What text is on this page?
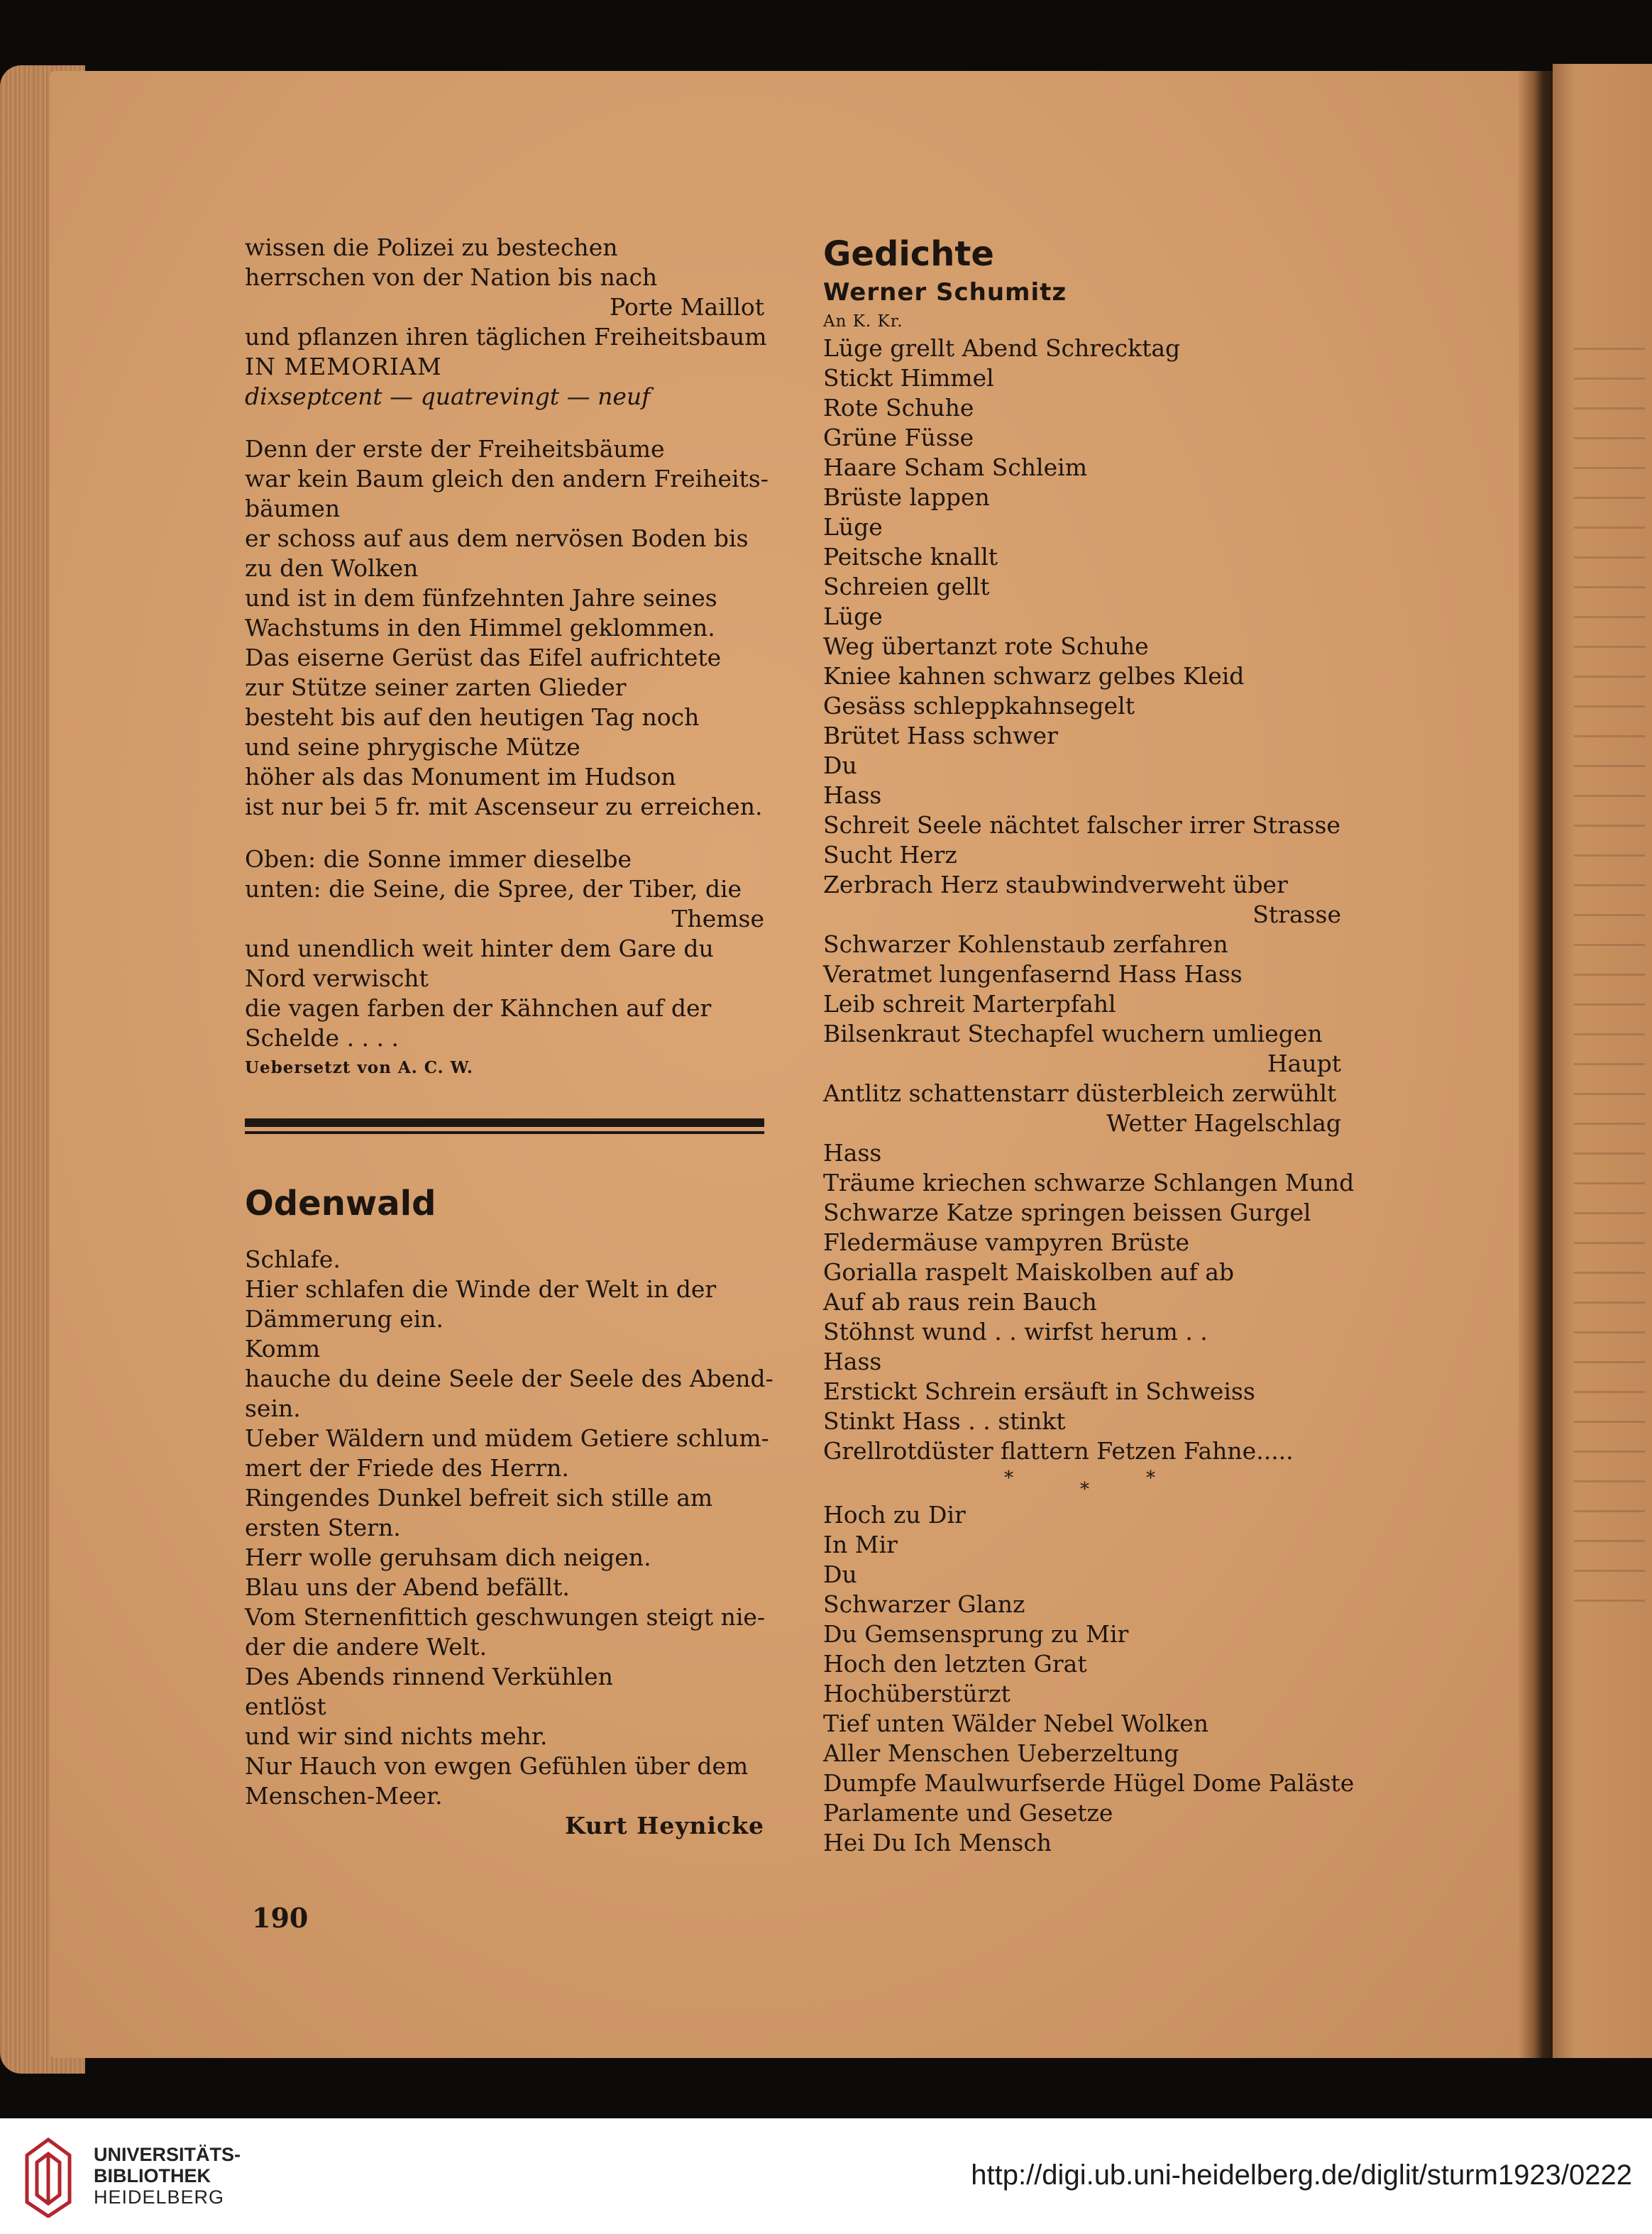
wissen die Polizei zu bestechen
herrschen von der Nation bis nach
Porte Maillot
und pflanzen ihren täglichen Freiheitsbaum
IN MEMORIAM
dixseptcent — quatrevingt — neuf
Denn der erste der Freiheitsbäume
war kein Baum gleich den andern Freiheits-
bäumen
er schoss auf aus dem nervösen Boden bis
zu den Wolken
und ist in dem fünfzehnten Jahre seines
Wachstums in den Himmel geklommen.
Das eiserne Gerüst das Eifel aufrichtete
zur Stütze seiner zarten Glieder
besteht bis auf den heutigen Tag noch
und seine phrygische Mütze
höher als das Monument im Hudson
ist nur bei 5 fr. mit Ascenseur zu erreichen.
Oben: die Sonne immer dieselbe
unten: die Seine, die Spree, der Tiber, die
Themse
und unendlich weit hinter dem Gare du
Nord verwischt
die vagen farben der Kähnchen auf der
Schelde . . . .
Uebersetzt von A. C. W.
Odenwald
Schlafe.
Hier schlafen die Winde der Welt in der
Dämmerung ein.
Komm
hauche du deine Seele der Seele des Abend-
sein.
Ueber Wäldern und müdem Getiere schlum-
mert der Friede des Herrn.
Ringendes Dunkel befreit sich stille am
ersten Stern.
Herr wolle geruhsam dich neigen.
Blau uns der Abend befällt.
Vom Sternenfittich geschwungen steigt nie-
der die andere Welt.
Des Abends rinnend Verkühlen
entlöst
und wir sind nichts mehr.
Nur Hauch von ewgen Gefühlen über dem
Menschen-Meer.
Kurt Heynicke
Gedichte
Werner Schumitz
An K. Kr.
Lüge grellt Abend Schrecktag
Stickt Himmel
Rote Schuhe
Grüne Füsse
Haare Scham Schleim
Brüste lappen
Lüge
Peitsche knallt
Schreien gellt
Lüge
Weg übertanzt rote Schuhe
Kniee kahnen schwarz gelbes Kleid
Gesäss schleppkahnsegelt
Brütet Hass schwer
Du
Hass
Schreit Seele nächtet falscher irrer Strasse
Sucht Herz
Zerbrach Herz staubwindverweht über
Strasse
Schwarzer Kohlenstaub zerfahren
Veratmet lungenfasernd Hass Hass
Leib schreit Marterpfahl
Bilsenkraut Stechapfel wuchern umliegen
Haupt
Antlitz schattenstarr düsterbleich zerwühlt
Wetter Hagelschlag
Hass
Träume kriechen schwarze Schlangen Mund
Schwarze Katze springen beissen Gurgel
Fledermäuse vampyren Brüste
Gorialla raspelt Maiskolben auf ab
Auf ab raus rein Bauch
Stöhnst wund . . wirfst herum . .
Hass
Erstickt Schrein ersäuft in Schweiss
Stinkt Hass . . stinkt
Grellrotdüster flattern Fetzen Fahne.....
*
*
*
Hoch zu Dir
In Mir
Du
Schwarzer Glanz
Du Gemsensprung zu Mir
Hoch den letzten Grat
Hochüberstürzt
Tief unten Wälder Nebel Wolken
Aller Menschen Ueberzeltung
Dumpfe Maulwurfserde Hügel Dome Paläste
Parlamente und Gesetze
Hei Du Ich Mensch
190
UNIVERSITÄTS-
BIBLIOTHEK
HEIDELBERG
http://digi.ub.uni-heidelberg.de/diglit/sturm1923/0222
